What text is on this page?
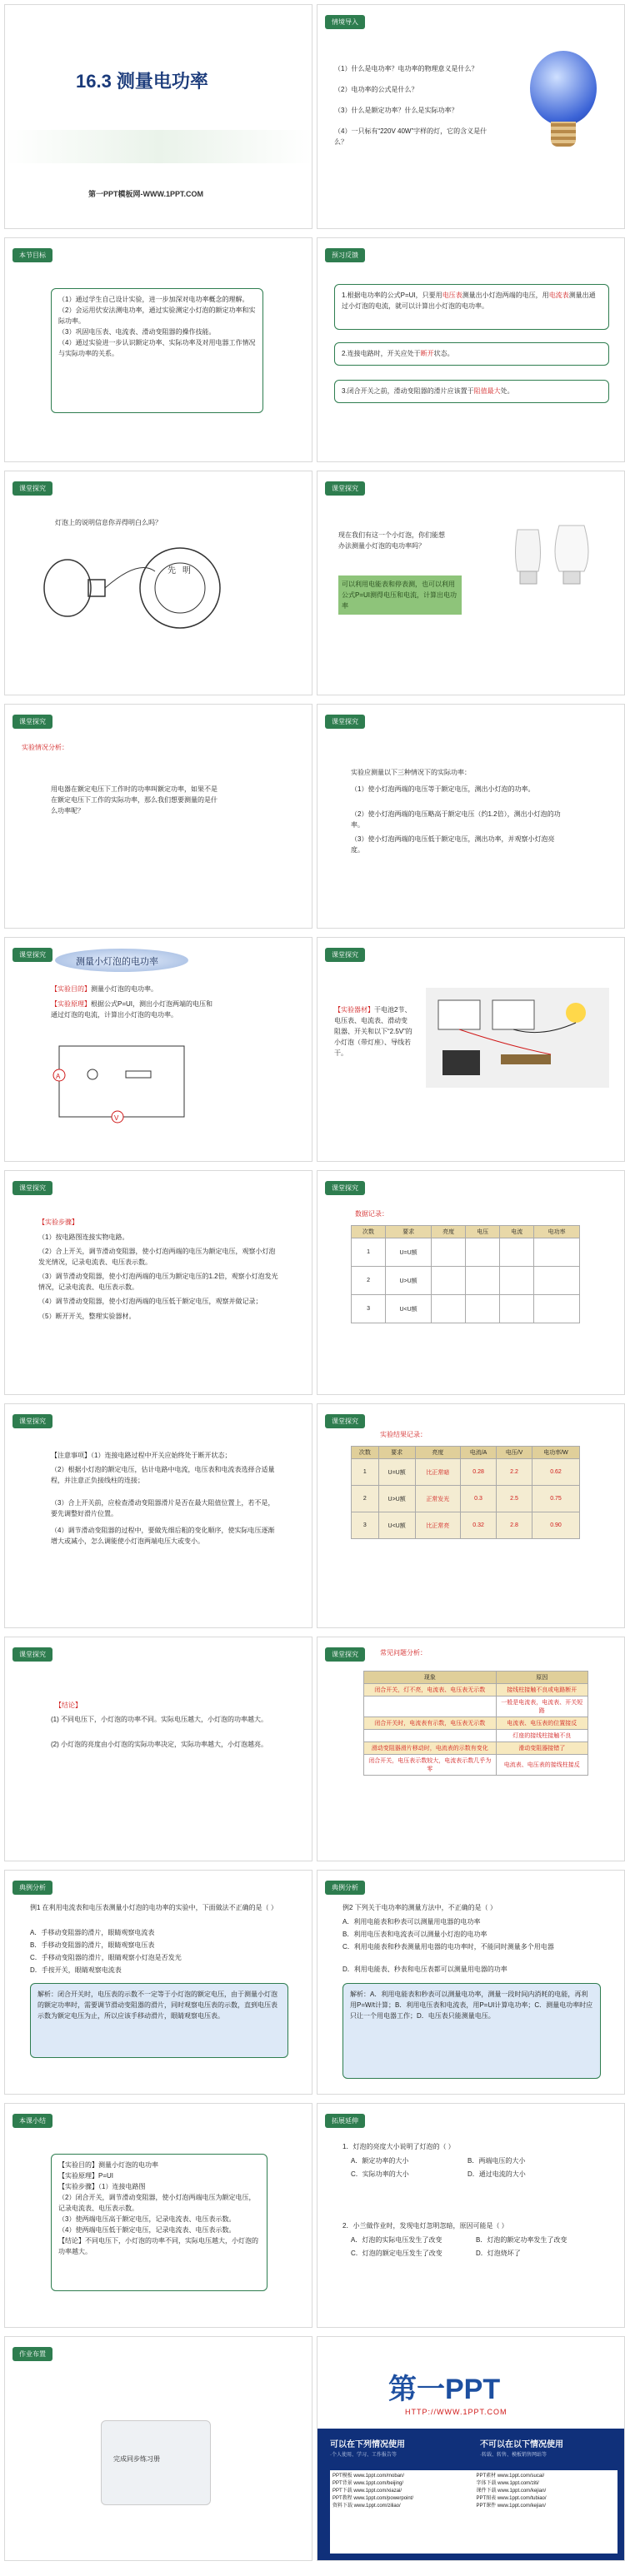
16.3 测量电功率
第一PPT模板网-WWW.1PPT.COM
情境导入
（1）什么是电功率？电功率的物理意义是什么？
（2）电功率的公式是什么？
（3）什么是额定功率？什么是实际功率？
（4）一只标有“220V 40W”字样的灯，它的含义是什么？
本节目标
（1）通过学生自己设计实验，进一步加深对电功率概念的理解。
（2）会运用伏安法测电功率，通过实验测定小灯泡的额定功率和实际功率。
（3）巩固电压表、电流表、滑动变阻器的操作技能。
（4）通过实验进一步认识额定功率、实际功率及对用电器工作情况与实际功率的关系。
预习反馈
1.根据电功率的公式P=UI，只要用电压表测量出小灯泡两端的电压，用电流表测量出通过小灯泡的电流，就可以计算出小灯泡的电功率。
2.连接电路时，开关应处于断开状态。
3.闭合开关之前，滑动变阻器的滑片应该置于阻值最大处。
课堂探究
灯泡上的说明信息你弄得明白么吗？
先明
课堂探究
现在我们有这一个小灯泡，你们能想办法测量小灯泡的电功率吗？
可以利用电能表和停表测，也可以利用公式P=UI测得电压和电流，计算出电功率
课堂探究
实验情况分析：
用电器在额定电压下工作时的功率叫额定功率，如果不是在额定电压下工作的实际功率，那么我们想要测量的是什么功率呢？
课堂探究
实验应测量以下三种情况下的实际功率：
（1）使小灯泡两端的电压等于额定电压，测出小灯泡的功率。
（2）使小灯泡两端的电压略高于额定电压（约1.2倍），测出小灯泡的功率。
（3）使小灯泡两端的电压低于额定电压，测出功率，并观察小灯泡亮度。
课堂探究
测量小灯泡的电功率
【实验目的】测量小灯泡的电功率。
【实验原理】根据公式P=UI，测出小灯泡两端的电压和通过灯泡的电流，计算出小灯泡的电功率。
A
V
课堂探究
【实验器材】干电池2节、电压表、电流表、滑动变阻器、开关和以下“2.5V”的小灯泡（带灯座）、导线若干。
课堂探究
【实验步骤】
（1）按电路图连接实物电路。
（2）合上开关，调节滑动变阻器，使小灯泡两端的电压为额定电压，观察小灯泡发光情况，记录电流表、电压表示数。
（3）调节滑动变阻器，使小灯泡两端的电压为额定电压的1.2倍，观察小灯泡发光情况，记录电流表、电压表示数。
（4）调节滑动变阻器，使小灯泡两端的电压低于额定电压，观察并做记录；
（5）断开开关，整理实验器材。
课堂探究
数据记录：
次数	要求	亮度	电压	电流	电功率
1	U=U额				
2	U>U额				
3	U<U额				
课堂探究
【注意事项】（1）连接电路过程中开关应始终处于断开状态；
（2）根据小灯泡的额定电压，估计电路中电流，电压表和电流表选择合适量程，并注意正负接线柱的连接；
（3）合上开关前，应检查滑动变阻器滑片是否在最大阻值位置上，若不是，要先调整好滑片位置。
（4）调节滑动变阻器的过程中，要做先细后粗的变化顺序，使实际电压逐渐增大或减小，怎么调能使小灯泡两端电压大或变小。
课堂探究
实验结果记录：
次数	要求	亮度	电流/A	电压/V	电功率/W
1	U=U额	比正常暗	0.28	2.2	0.62
2	U>U额	正常发光	0.3	2.5	0.75
3	U<U额	比正常亮	0.32	2.8	0.90
课堂探究
【结论】
(1) 不同电压下，小灯泡的功率不同。实际电压越大，小灯泡的功率越大。
(2) 小灯泡的亮度由小灯泡的实际功率决定，实际功率越大，小灯泡越亮。
课堂探究	常见问题分析：
现象	原因
闭合开关，灯不亮，电流表、电压表无示数	接线柱接触不良或电路断开
	一般是电流表，电流表、开关短路
闭合开关时，电流表有示数，电压表无示数	电流表、电压表的位置接反
	灯座的接线柱接触不良
滑动变阻器滑片移动时，电流表的示数有变化	滑动变阻器接错了
闭合开关，电压表示数较大，电流表示数几乎为零	电流表、电压表的接线柱接反
典例分析
例1 在利用电流表和电压表测量小灯泡的电功率的实验中，下面做法不正确的是（ ）
A．手移动变阻器的滑片，眼睛观察电流表
B．手移动变阻器的滑片，眼睛观察电压表
C．手移动变阻器的滑片，眼睛观察小灯泡是否发光
D．手按开关，眼睛观察电流表
解析：闭合开关时，电压表的示数不一定等于小灯泡的额定电压，由于测量小灯泡的额定功率时，需要调节滑动变阻器的滑片，同时观察电压表的示数，直到电压表示数为额定电压为止，所以应该手移动滑片，眼睛观察电压表。
典例分析
例2 下列关于电功率的测量方法中，不正确的是（ ）
A．利用电能表和秒表可以测量用电器的电功率
B．利用电压表和电流表可以测量小灯泡的电功率
C．利用电能表和秒表测量用电器的电功率时，不能同时测量多个用电器
D．利用电能表、秒表和电压表都可以测量用电器的功率
解析：A．利用电能表和秒表可以测量电功率，测量一段时间内消耗的电能，再利用P=W/t计算；B．利用电压表和电流表，用P=UI计算电功率；C．测量电功率时应只让一个用电器工作；D．电压表只能测量电压。
本课小结
【实验目的】测量小灯泡的电功率
【实验原理】P=UI
【实验步骤】（1）连接电路图
（2）闭合开关，调节滑动变阻器，使小灯泡两端电压为额定电压，记录电流表、电压表示数。
（3）使两端电压高于额定电压，记录电流表、电压表示数。
（4）使两端电压低于额定电压，记录电流表、电压表示数。
【结论】不同电压下，小灯泡的功率不同，实际电压越大，小灯泡的功率越大。
拓展延伸
1．灯泡的亮度大小说明了灯泡的（ ）
A．额定功率的大小	B．两端电压的大小
C．实际功率的大小	D．通过电流的大小
2．小兰做作业时，发现电灯忽明忽暗，原因可能是（ ）
A．灯泡的实际电压发生了改变	B．灯泡的额定功率发生了改变
C．灯泡的额定电压发生了改变	D．灯泡烧坏了
作业布置
完成同步练习册
第一PPT
HTTP://WWW.1PPT.COM
可以在下列情况使用	不可以在以下情况使用
·个人使用、学习、工作报告等	·转载、转售、模板销售网站等
PPT模板 www.1ppt.com/moban/
PPT背景 www.1ppt.com/beijing/
PPT下载 www.1ppt.com/xiazai/
PPT教程 www.1ppt.com/powerpoint/
资料下载 www.1ppt.com/ziliao/
PPT素材 www.1ppt.com/sucai/
字体下载 www.1ppt.com/ziti/
课件下载 www.1ppt.com/kejian/
PPT图表 www.1ppt.com/tubiao/
PPT课件 www.1ppt.com/kejian/
